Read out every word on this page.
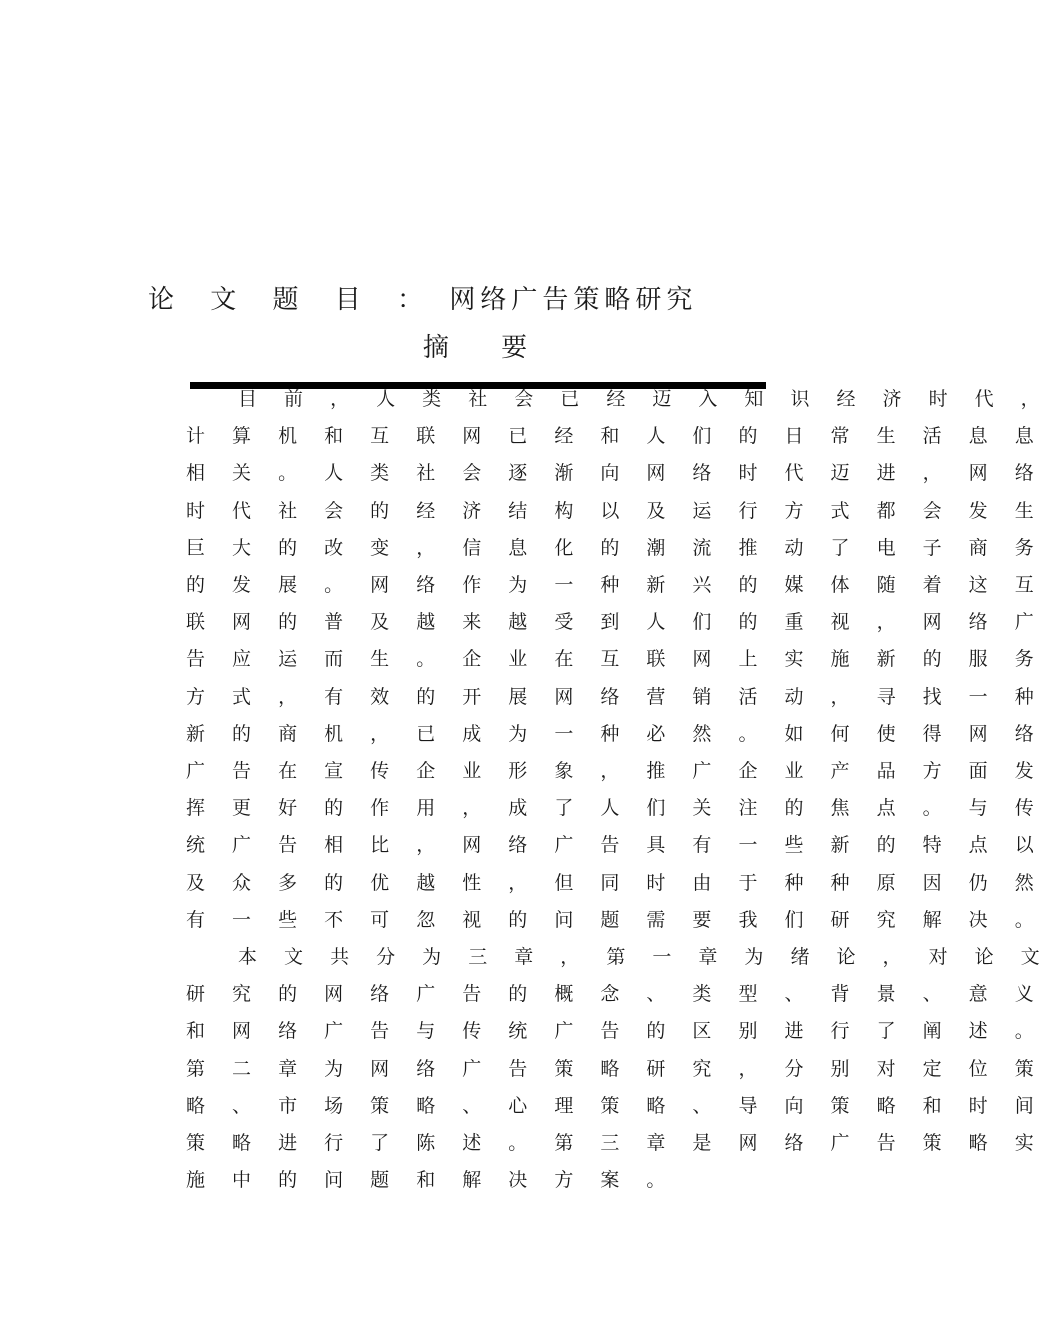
论 文 题 目 ： 网络广告策略研究
摘 要
目 前 ， 人 类 社 会 已 经 迈 入 知 识 经 济 时 代 ，
计 算 机 和 互 联 网 已 经 和 人 们 的 日 常 生 活 息 息
相 关 。 人 类 社 会 逐 渐 向 网 络 时 代 迈 进 ， 网 络
时 代 社 会 的 经 济 结 构 以 及 运 行 方 式 都 会 发 生
巨 大 的 改 变 ， 信 息 化 的 潮 流 推 动 了 电 子 商 务
的 发 展 。 网 络 作 为 一 种 新 兴 的 媒 体 随 着 这 互
联 网 的 普 及 越 来 越 受 到 人 们 的 重 视 ， 网 络 广
告 应 运 而 生 。 企 业 在 互 联 网 上 实 施 新 的 服 务
方 式 ， 有 效 的 开 展 网 络 营 销 活 动 ， 寻 找 一 种
新 的 商 机 ， 已 成 为 一 种 必 然 。 如 何 使 得 网 络
广 告 在 宣 传 企 业 形 象 ， 推 广 企 业 产 品 方 面 发
挥 更 好 的 作 用 ， 成 了 人 们 关 注 的 焦 点 。 与 传
统 广 告 相 比 ， 网 络 广 告 具 有 一 些 新 的 特 点 以
及 众 多 的 优 越 性 ， 但 同 时 由 于 种 种 原 因 仍 然
有 一 些 不 可 忽 视 的 问 题 需 要 我 们 研 究 解 决 。
本 文 共 分 为 三 章 ， 第 一 章 为 绪 论 ， 对 论 文
研 究 的 网 络 广 告 的 概 念 、 类 型 、 背 景 、 意 义
和 网 络 广 告 与 传 统 广 告 的 区 别 进 行 了 阐 述 。
第 二 章 为 网 络 广 告 策 略 研 究 ， 分 别 对 定 位 策
略 、 市 场 策 略 、 心 理 策 略 、 导 向 策 略 和 时 间
策 略 进 行 了 陈 述 。 第 三 章 是 网 络 广 告 策 略 实
施 中 的 问 题 和 解 决 方 案 。
